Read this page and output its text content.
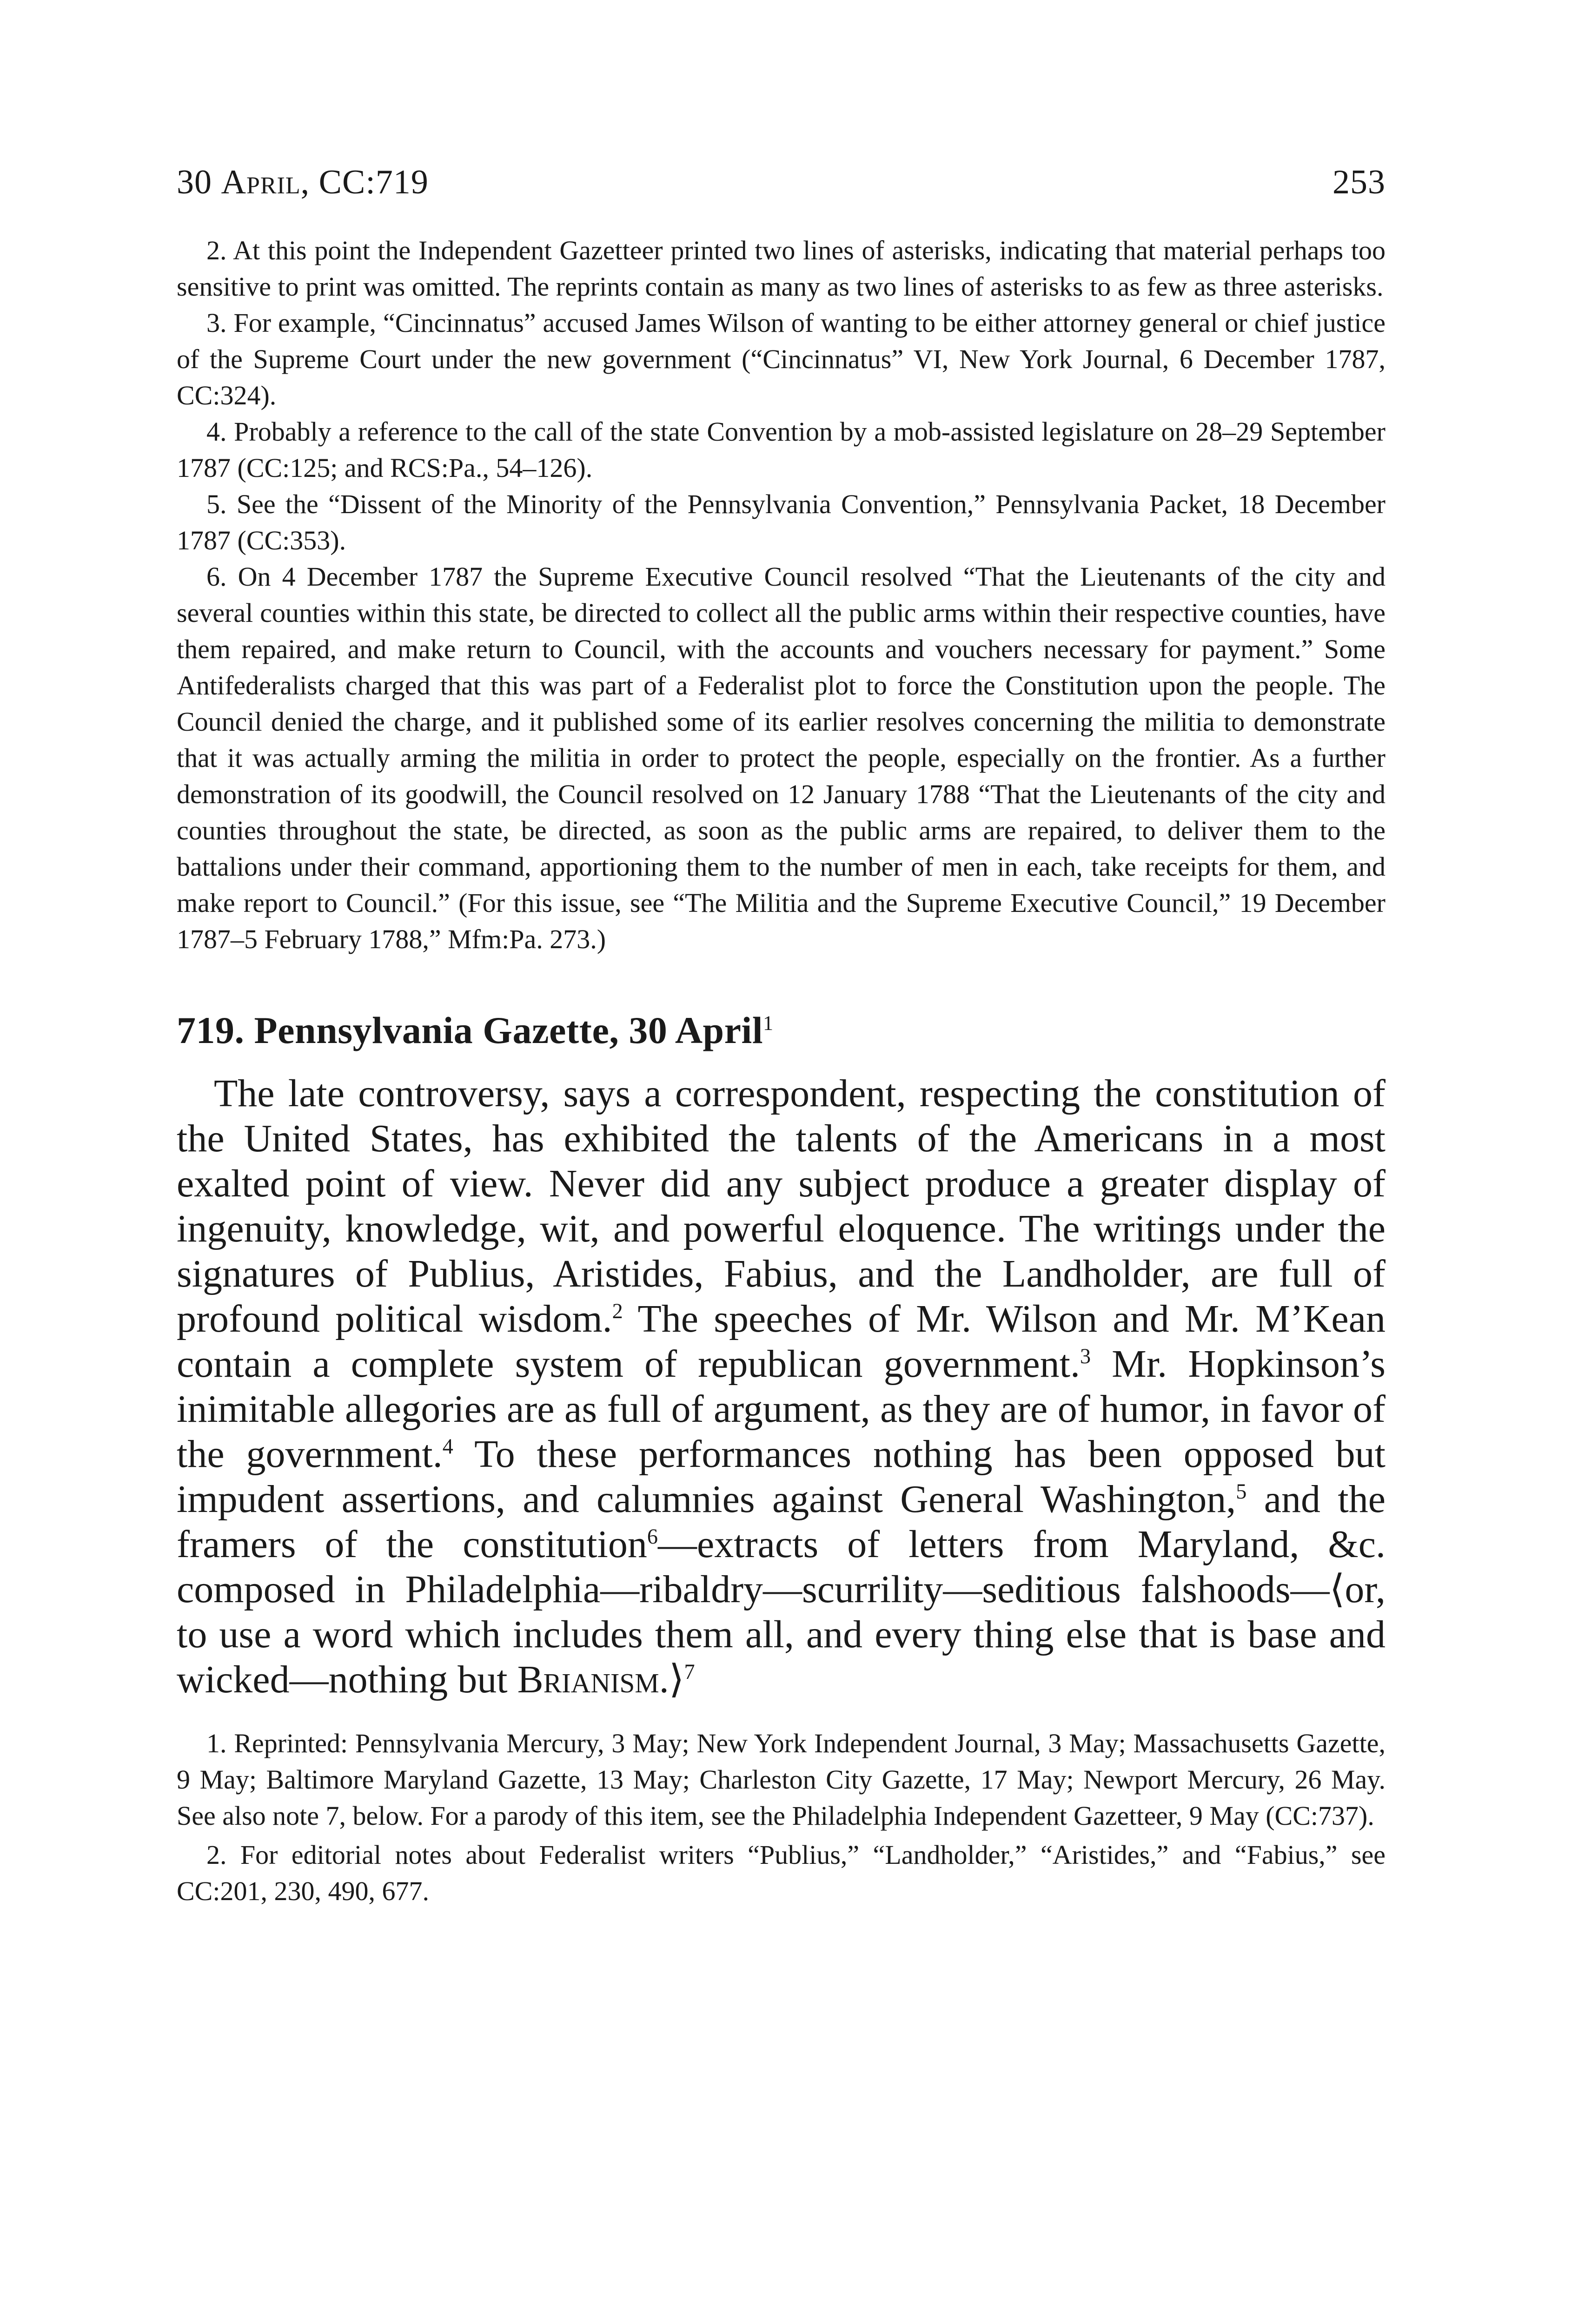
30 April, CC:719	253

2. At this point the Independent Gazetteer printed two lines of asterisks, indicating that material perhaps too sensitive to print was omitted. The reprints contain as many as two lines of asterisks to as few as three asterisks.

3. For example, “Cincinnatus” accused James Wilson of wanting to be either attorney general or chief justice of the Supreme Court under the new government (“Cincinnatus” VI, New York Journal, 6 December 1787, CC:324).

4. Probably a reference to the call of the state Convention by a mob-assisted legislature on 28–29 September 1787 (CC:125; and RCS:Pa., 54–126).

5. See the “Dissent of the Minority of the Pennsylvania Convention,” Pennsylvania Packet, 18 December 1787 (CC:353).

6. On 4 December 1787 the Supreme Executive Council resolved “That the Lieutenants of the city and several counties within this state, be directed to collect all the public arms within their respective counties, have them repaired, and make return to Council, with the accounts and vouchers necessary for payment.” Some Antifederalists charged that this was part of a Federalist plot to force the Constitution upon the people. The Council denied the charge, and it published some of its earlier resolves concerning the militia to demonstrate that it was actually arming the militia in order to protect the people, especially on the frontier. As a further demonstration of its goodwill, the Council resolved on 12 January 1788 “That the Lieutenants of the city and counties throughout the state, be directed, as soon as the public arms are repaired, to deliver them to the battalions under their command, apportioning them to the number of men in each, take receipts for them, and make report to Council.” (For this issue, see “The Militia and the Supreme Executive Council,” 19 December 1787–5 February 1788,” Mfm:Pa. 273.)

719. Pennsylvania Gazette, 30 April$^1$

The late controversy, says a correspondent, respecting the constitution of the United States, has exhibited the talents of the Americans in a most exalted point of view. Never did any subject produce a greater display of ingenuity, knowledge, wit, and powerful eloquence. The writings under the signatures of Publius, Aristides, Fabius, and the Landholder, are full of profound political wisdom.$^2$ The speeches of Mr. Wilson and Mr. M’Kean contain a complete system of republican government.$^3$ Mr. Hopkinson’s inimitable allegories are as full of argument, as they are of humor, in favor of the government.$^4$ To these performances nothing has been opposed but impudent assertions, and calumnies against General Washington,$^5$ and the framers of the constitution$^6$—extracts of letters from Maryland, &c. composed in Philadelphia—ribaldry—scurrility—seditious falshoods—⟨or, to use a word which includes them all, and every thing else that is base and wicked—nothing but Brianism.⟩$^7$

1. Reprinted: Pennsylvania Mercury, 3 May; New York Independent Journal, 3 May; Massachusetts Gazette, 9 May; Baltimore Maryland Gazette, 13 May; Charleston City Gazette, 17 May; Newport Mercury, 26 May. See also note 7, below. For a parody of this item, see the Philadelphia Independent Gazetteer, 9 May (CC:737).

2. For editorial notes about Federalist writers “Publius,” “Landholder,” “Aristides,” and “Fabius,” see CC:201, 230, 490, 677.
